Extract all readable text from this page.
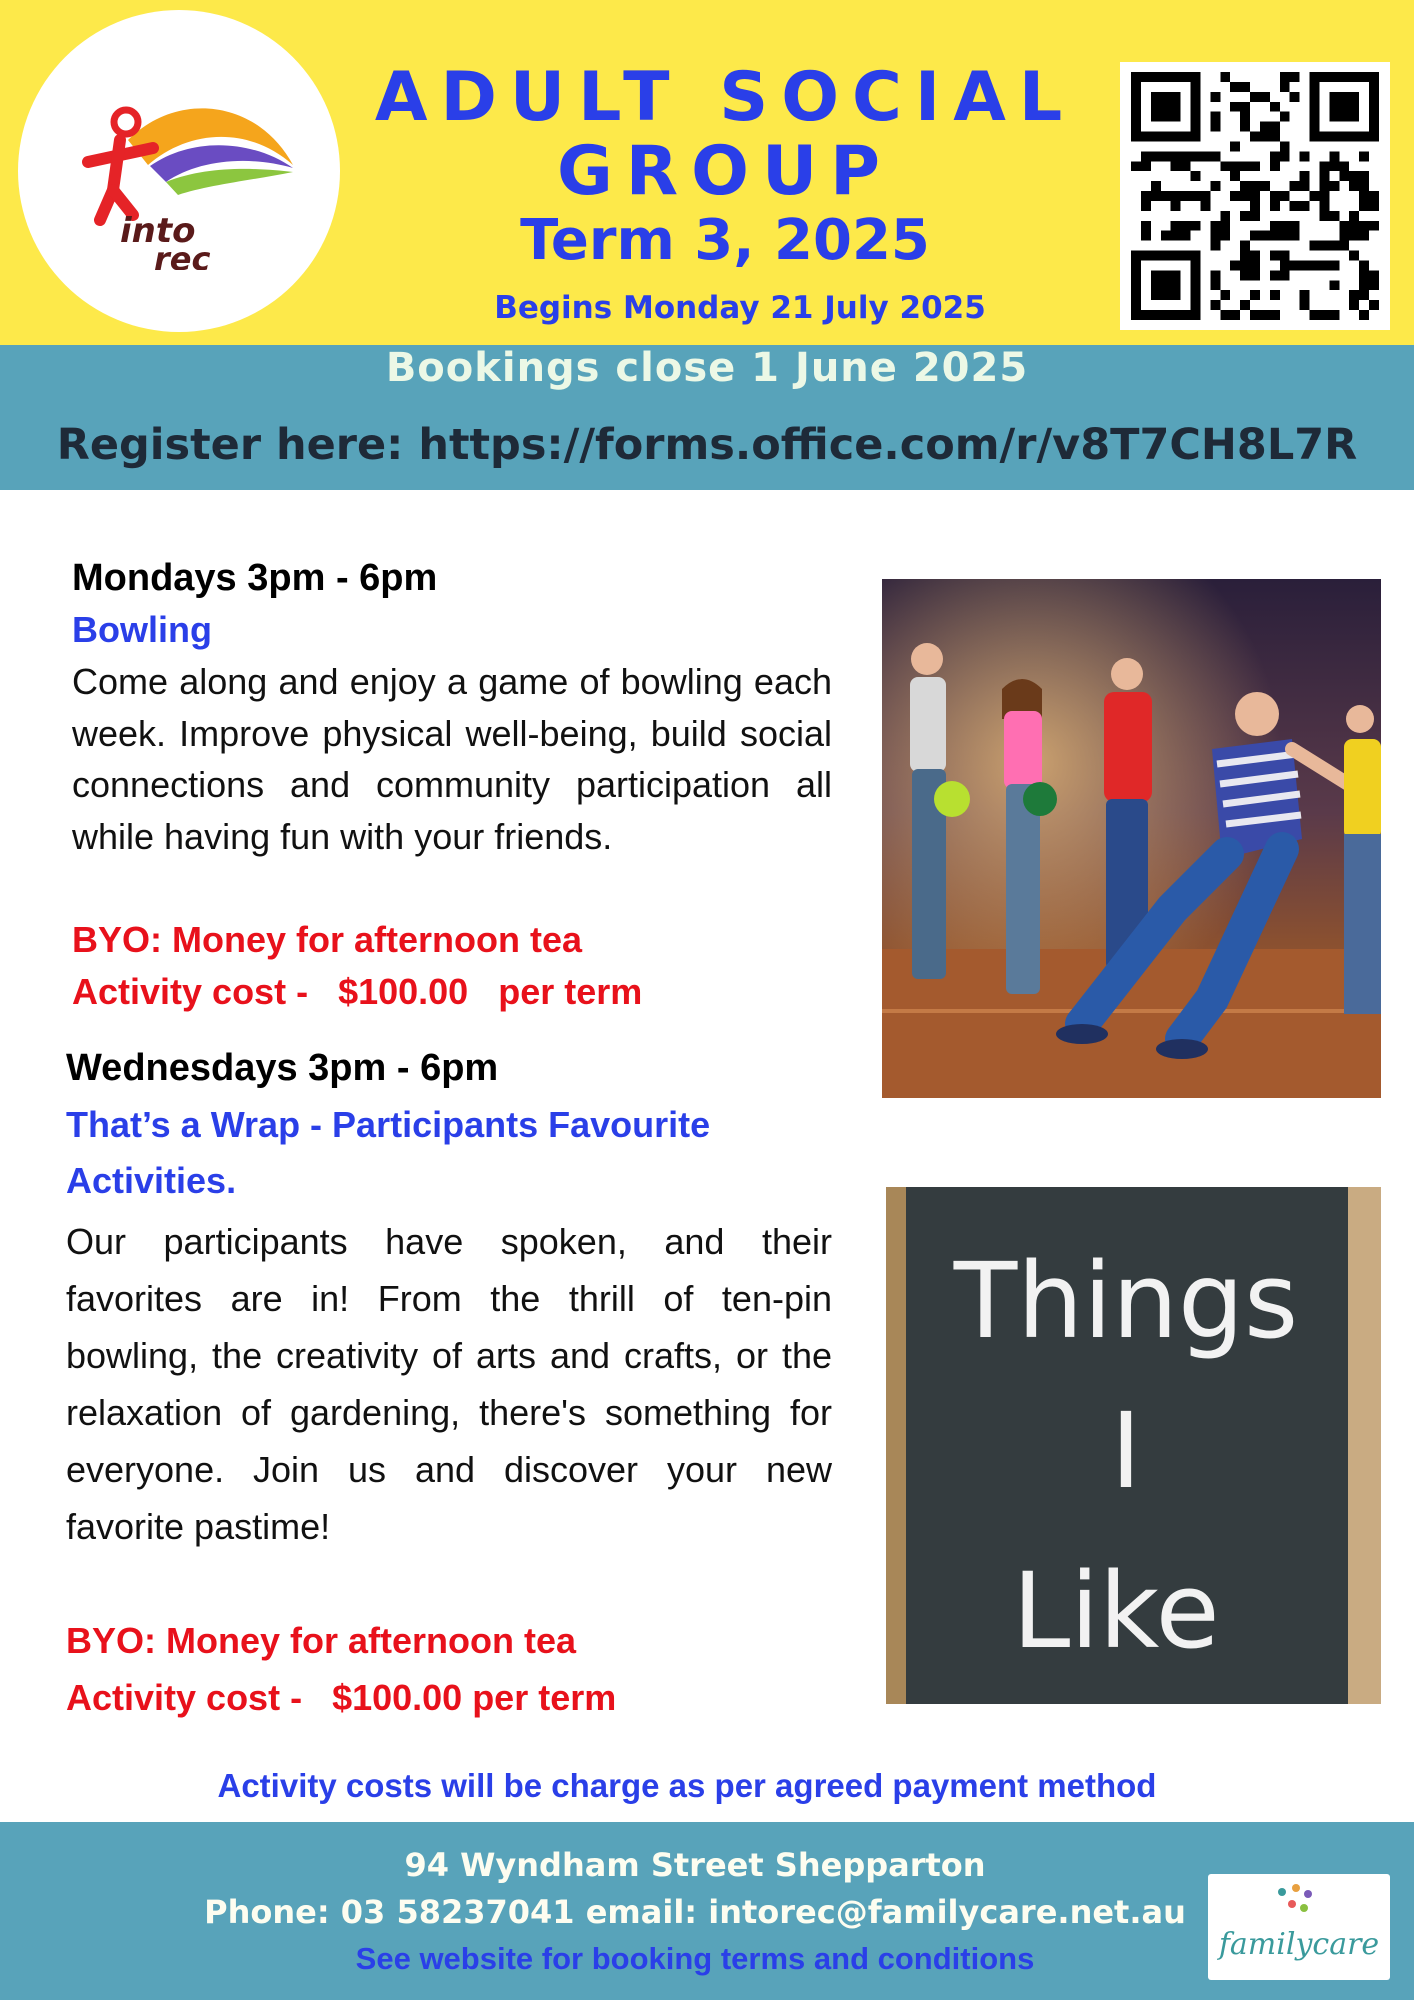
into
rec
ADULT SOCIAL
GROUP
Term 3, 2025
Begins Monday 21 July 2025
Bookings close 1 June 2025
Register here: https://forms.office.com/r/v8T7CH8L7R
Mondays 3pm - 6pm
Bowling
Come along and enjoy a game of bowling each week. Improve physical well-being, build social connections and community participation all while having fun with your friends.
BYO: Money for afternoon tea
Activity cost -   $100.00   per term
Wednesdays 3pm - 6pm
That’s a Wrap - Participants Favourite Activities.
Our participants have spoken, and their favorites are in! From the thrill of ten-pin bowling, the creativity of arts and crafts, or the relaxation of gardening, there's something for everyone. Join us and discover your new favorite pastime!
BYO: Money for afternoon tea
Activity cost -   $100.00 per term
Things
I
Like
Activity costs will be charge as per agreed payment method
94 Wyndham Street Shepparton
Phone: 03 58237041 email: intorec@familycare.net.au
See website for booking terms and conditions	familycare
